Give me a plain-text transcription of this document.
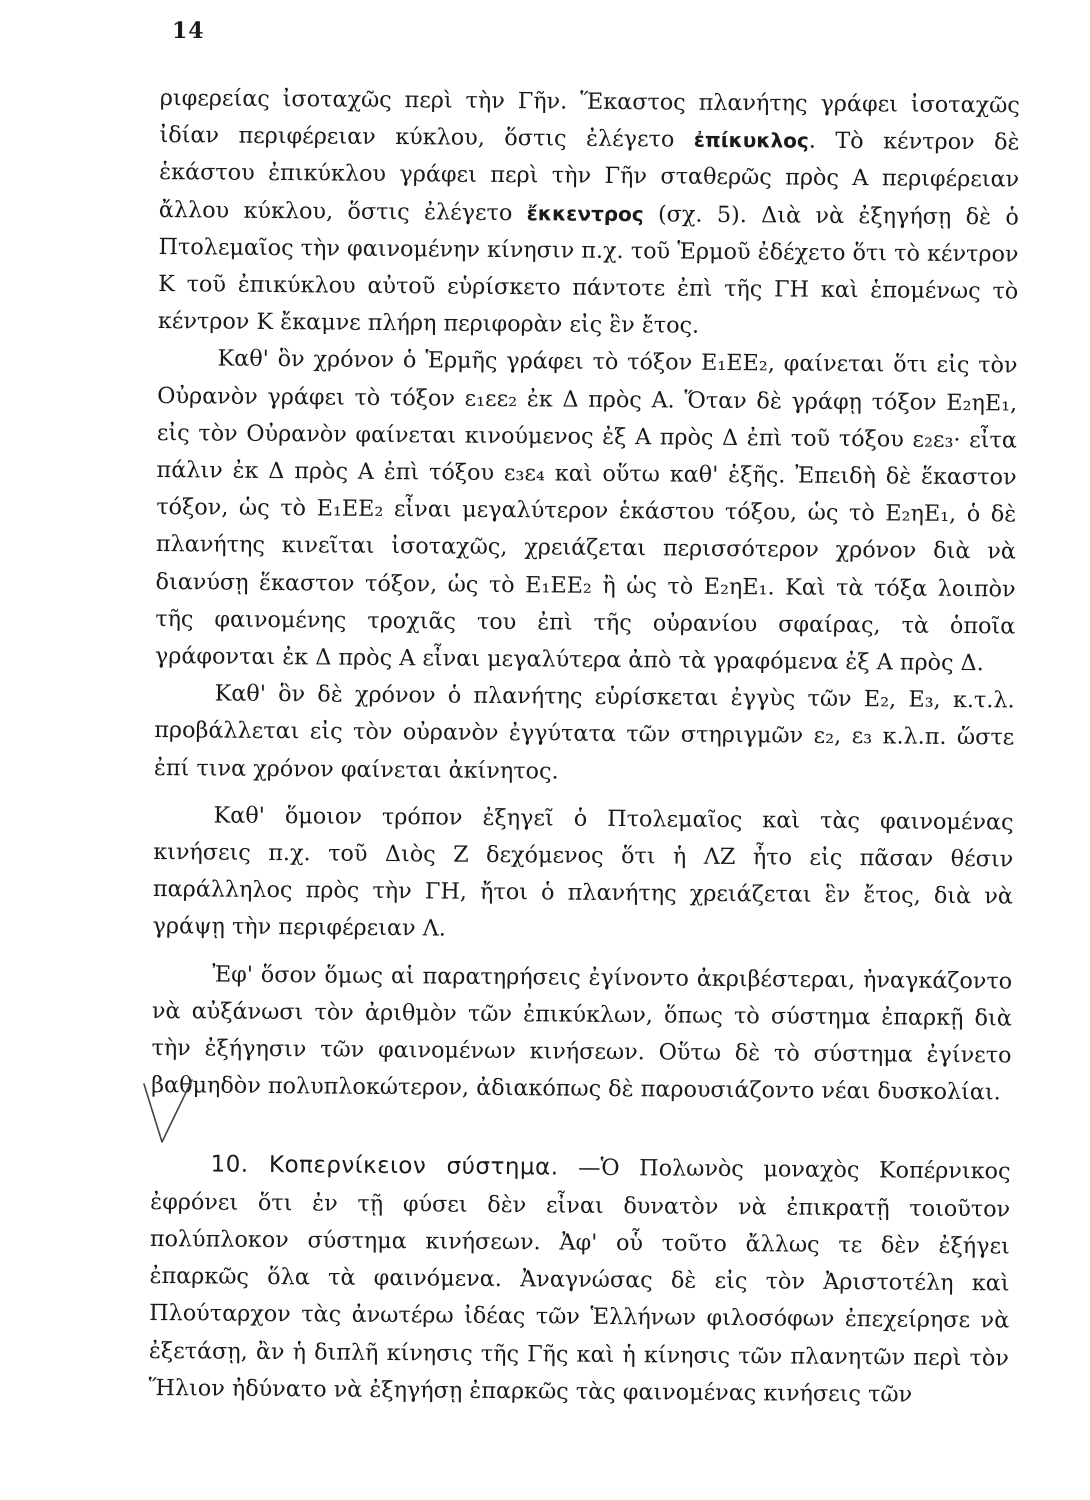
14

ριφερείας ἰσοταχῶς περὶ τὴν Γῆν. Ἕκαστος πλανήτης γράφει ἰσοταχῶς ἰδίαν περιφέρειαν κύκλου, ὅστις ἐλέγετο ἐπίκυκλος. Τὸ κέντρον δὲ ἑκάστου ἐπικύκλου γράφει περὶ τὴν Γῆν σταθερῶς πρὸς Α περιφέρειαν ἄλλου κύκλου, ὅστις ἐλέγετο ἔκκεντρος (σχ. 5). Διὰ νὰ ἐξηγήσῃ δὲ ὁ Πτολεμαῖος τὴν φαινομένην κίνησιν π.χ. τοῦ Ἑρμοῦ ἐδέχετο ὅτι τὸ κέντρον Κ τοῦ ἐπικύκλου αὐτοῦ εὑρίσκετο πάντοτε ἐπὶ τῆς ΓΗ καὶ ἑπομένως τὸ κέντρον Κ ἔκαμνε πλήρη περιφορὰν εἰς ἓν ἔτος.

Καθ' ὃν χρόνον ὁ Ἑρμῆς γράφει τὸ τόξον Ε₁ΕΕ₂, φαίνεται ὅτι εἰς τὸν Οὐρανὸν γράφει τὸ τόξον ε₁εε₂ ἐκ Δ πρὸς Α. Ὅταν δὲ γράφῃ τόξον Ε₂ηΕ₁, εἰς τὸν Οὐρανὸν φαίνεται κινούμενος ἐξ Α πρὸς Δ ἐπὶ τοῦ τόξου ε₂ε₃· εἶτα πάλιν ἐκ Δ πρὸς Α ἐπὶ τόξου ε₃ε₄ καὶ οὕτω καθ' ἑξῆς. Ἐπειδὴ δὲ ἕκαστον τόξον, ὡς τὸ Ε₁ΕΕ₂ εἶναι μεγαλύτερον ἑκάστου τόξου, ὡς τὸ Ε₂ηΕ₁, ὁ δὲ πλανήτης κινεῖται ἰσοταχῶς, χρειάζεται περισσότερον χρόνον διὰ νὰ διανύσῃ ἕκαστον τόξον, ὡς τὸ Ε₁ΕΕ₂ ἢ ὡς τὸ Ε₂ηΕ₁. Καὶ τὰ τόξα λοιπὸν τῆς φαινομένης τροχιᾶς του ἐπὶ τῆς οὐρανίου σφαίρας, τὰ ὁποῖα γράφονται ἐκ Δ πρὸς Α εἶναι μεγαλύτερα ἀπὸ τὰ γραφόμενα ἐξ Α πρὸς Δ.

Καθ' ὃν δὲ χρόνον ὁ πλανήτης εὑρίσκεται ἐγγὺς τῶν Ε₂, Ε₃, κ.τ.λ. προβάλλεται εἰς τὸν οὐρανὸν ἐγγύτατα τῶν στηριγμῶν ε₂, ε₃ κ.λ.π. ὥστε ἐπί τινα χρόνον φαίνεται ἀκίνητος.

Καθ' ὅμοιον τρόπον ἐξηγεῖ ὁ Πτολεμαῖος καὶ τὰς φαινομένας κινήσεις π.χ. τοῦ Διὸς Ζ δεχόμενος ὅτι ἡ ΛΖ ἦτο εἰς πᾶσαν θέσιν παράλληλος πρὸς τὴν ΓΗ, ἤτοι ὁ πλανήτης χρειάζεται ἓν ἔτος, διὰ νὰ γράψῃ τὴν περιφέρειαν Λ.

Ἐφ' ὅσον ὅμως αἱ παρατηρήσεις ἐγίνοντο ἀκριβέστεραι, ἠναγκάζοντο νὰ αὐξάνωσι τὸν ἀριθμὸν τῶν ἐπικύκλων, ὅπως τὸ σύστημα ἐπαρκῇ διὰ τὴν ἐξήγησιν τῶν φαινομένων κινήσεων. Οὕτω δὲ τὸ σύστημα ἐγίνετο βαθμηδὸν πολυπλοκώτερον, ἀδιακόπως δὲ παρουσιάζοντο νέαι δυσκολίαι.

10. Κοπερνίκειον σύστημα. —Ὁ Πολωνὸς μοναχὸς Κοπέρνικος ἐφρόνει ὅτι ἐν τῇ φύσει δὲν εἶναι δυνατὸν νὰ ἐπικρατῇ τοιοῦτον πολύπλοκον σύστημα κινήσεων. Ἀφ' οὗ τοῦτο ἄλλως τε δὲν ἐξήγει ἐπαρκῶς ὅλα τὰ φαινόμενα. Ἀναγνώσας δὲ εἰς τὸν Ἀριστοτέλη καὶ Πλούταρχον τὰς ἀνωτέρω ἰδέας τῶν Ἑλλήνων φιλοσόφων ἐπεχείρησε νὰ ἐξετάσῃ, ἂν ἡ διπλῆ κίνησις τῆς Γῆς καὶ ἡ κίνησις τῶν πλανητῶν περὶ τὸν Ἥλιον ἠδύνατο νὰ ἐξηγήσῃ ἐπαρκῶς τὰς φαινομένας κινήσεις τῶν
